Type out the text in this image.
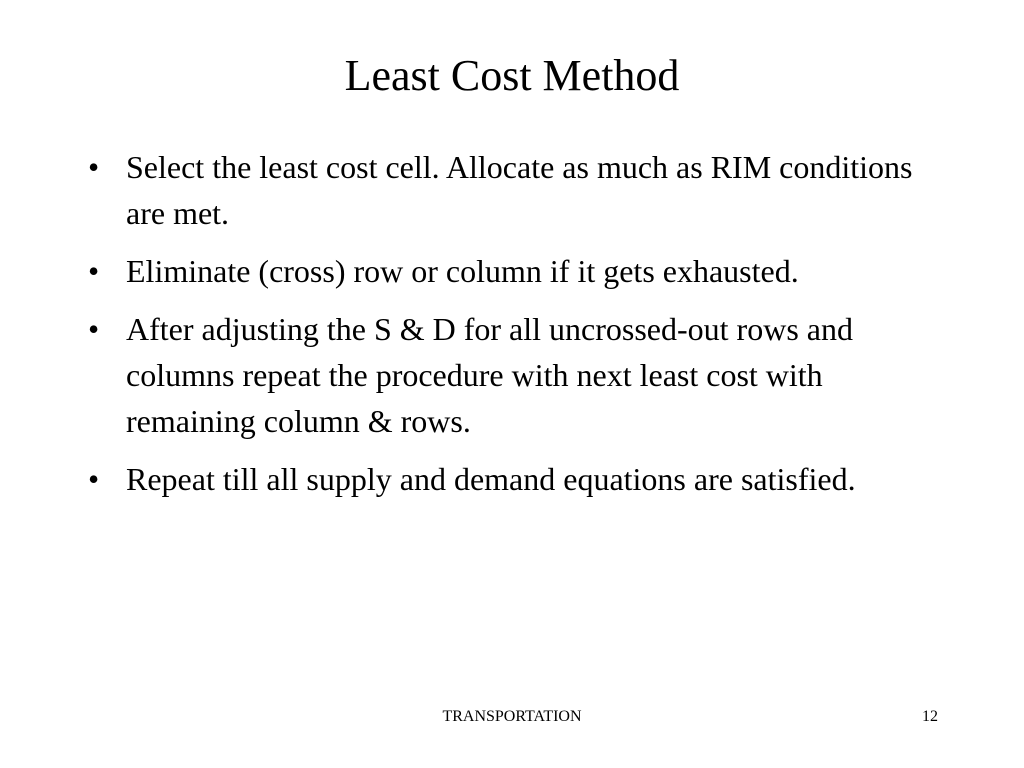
Least Cost Method
• Select the least cost cell. Allocate as much as RIM conditions are met.
• Eliminate (cross) row or column if it gets exhausted.
• After adjusting the S & D for all uncrossed-out rows and columns repeat the procedure with next least cost with remaining column & rows.
• Repeat till all supply and demand equations are satisfied.
TRANSPORTATION	12
